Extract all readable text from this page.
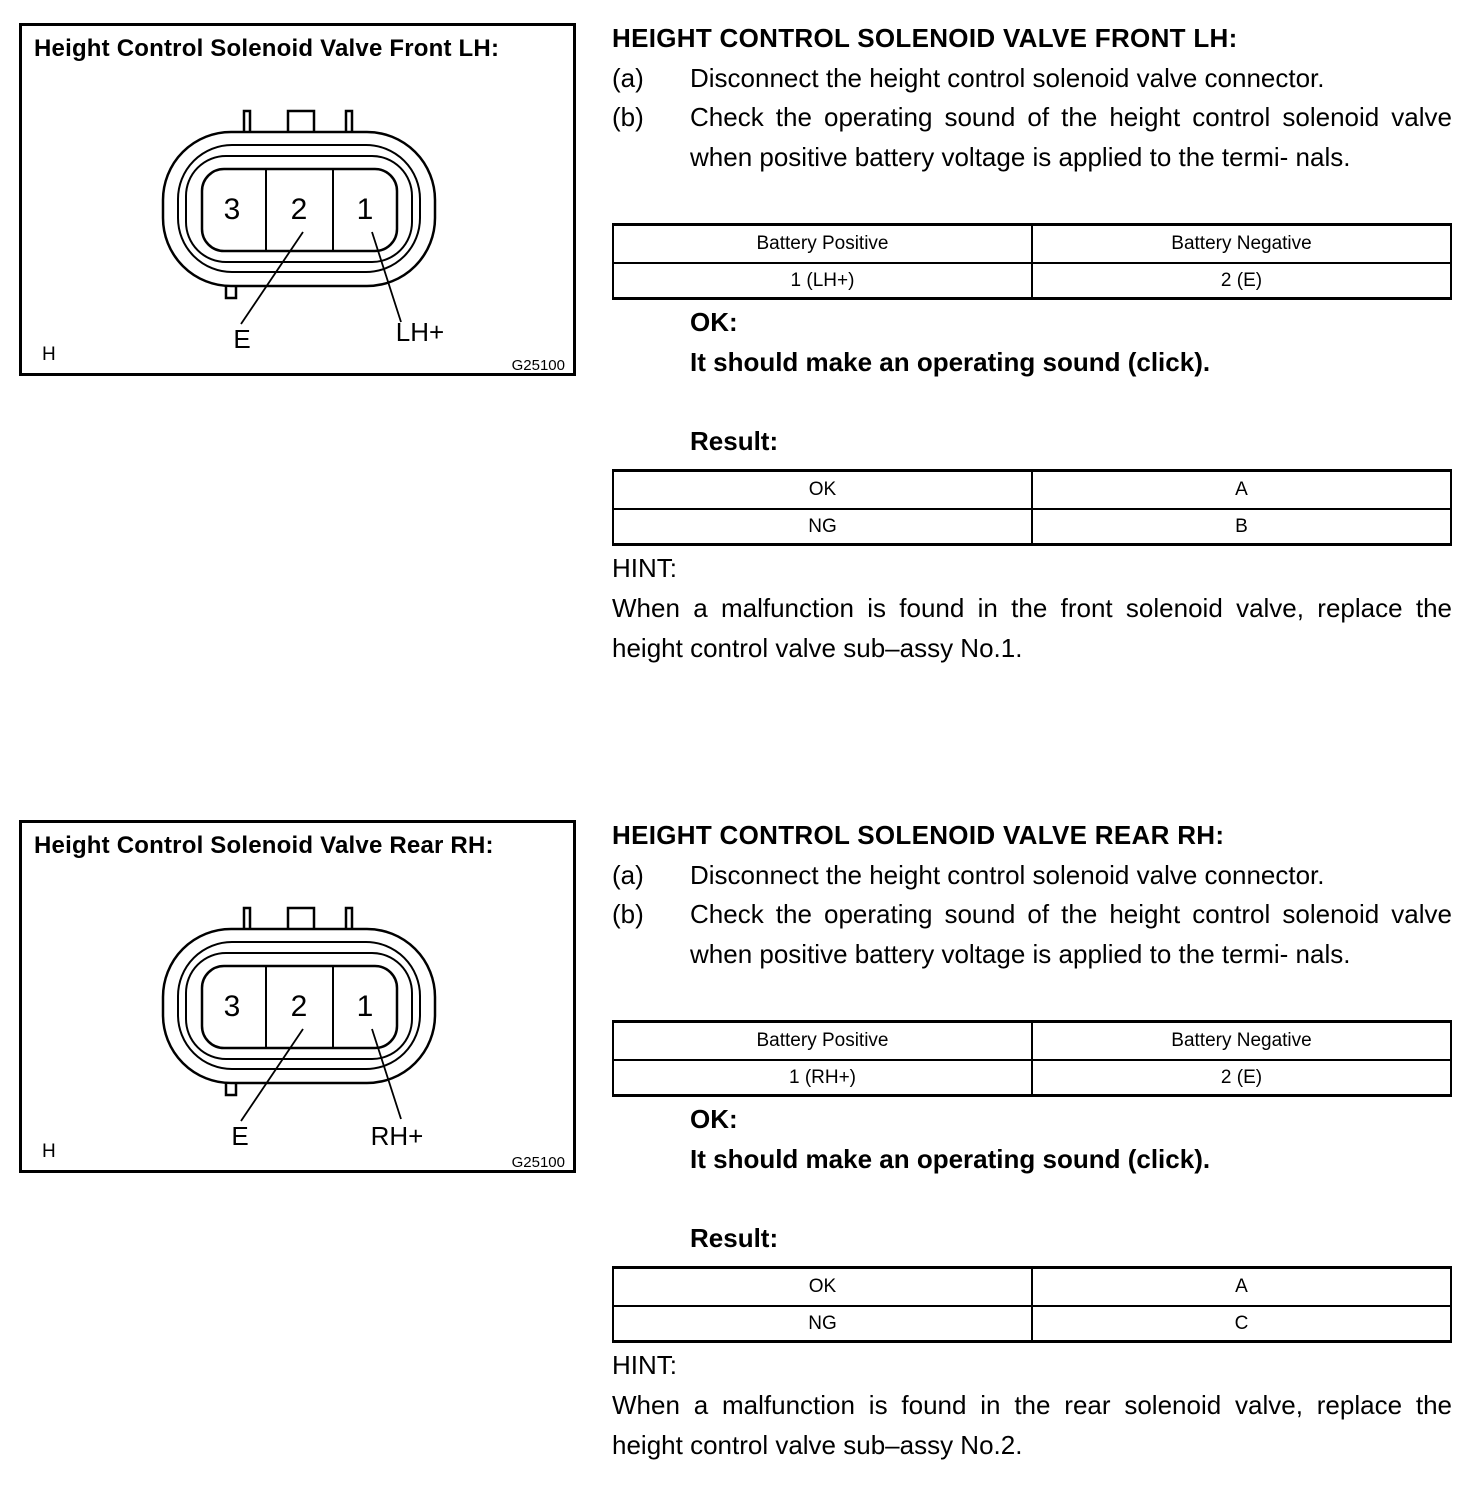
Height Control Solenoid Valve Front LH:
3 2 1
E	LH+
H
G25100
HEIGHT CONTROL SOLENOID VALVE FRONT LH:
(a) Disconnect the height control solenoid valve connector.
(b) Check the operating sound of the height control solenoid valve when positive battery voltage is applied to the termi- nals.
Battery Positive	Battery Negative
1 (LH+)	2 (E)
OK:
It should make an operating sound (click).
Result:
OK	A
NG	B
HINT:
When a malfunction is found in the front solenoid valve, replace the height control valve sub–assy No.1.
Height Control Solenoid Valve Rear RH:
3 2 1
E	RH+
H
G25100
HEIGHT CONTROL SOLENOID VALVE REAR RH:
(a) Disconnect the height control solenoid valve connector.
(b) Check the operating sound of the height control solenoid valve when positive battery voltage is applied to the termi- nals.
Battery Positive	Battery Negative
1 (RH+)	2 (E)
OK:
It should make an operating sound (click).
Result:
OK	A
NG	C
HINT:
When a malfunction is found in the rear solenoid valve, replace the height control valve sub–assy No.2.
